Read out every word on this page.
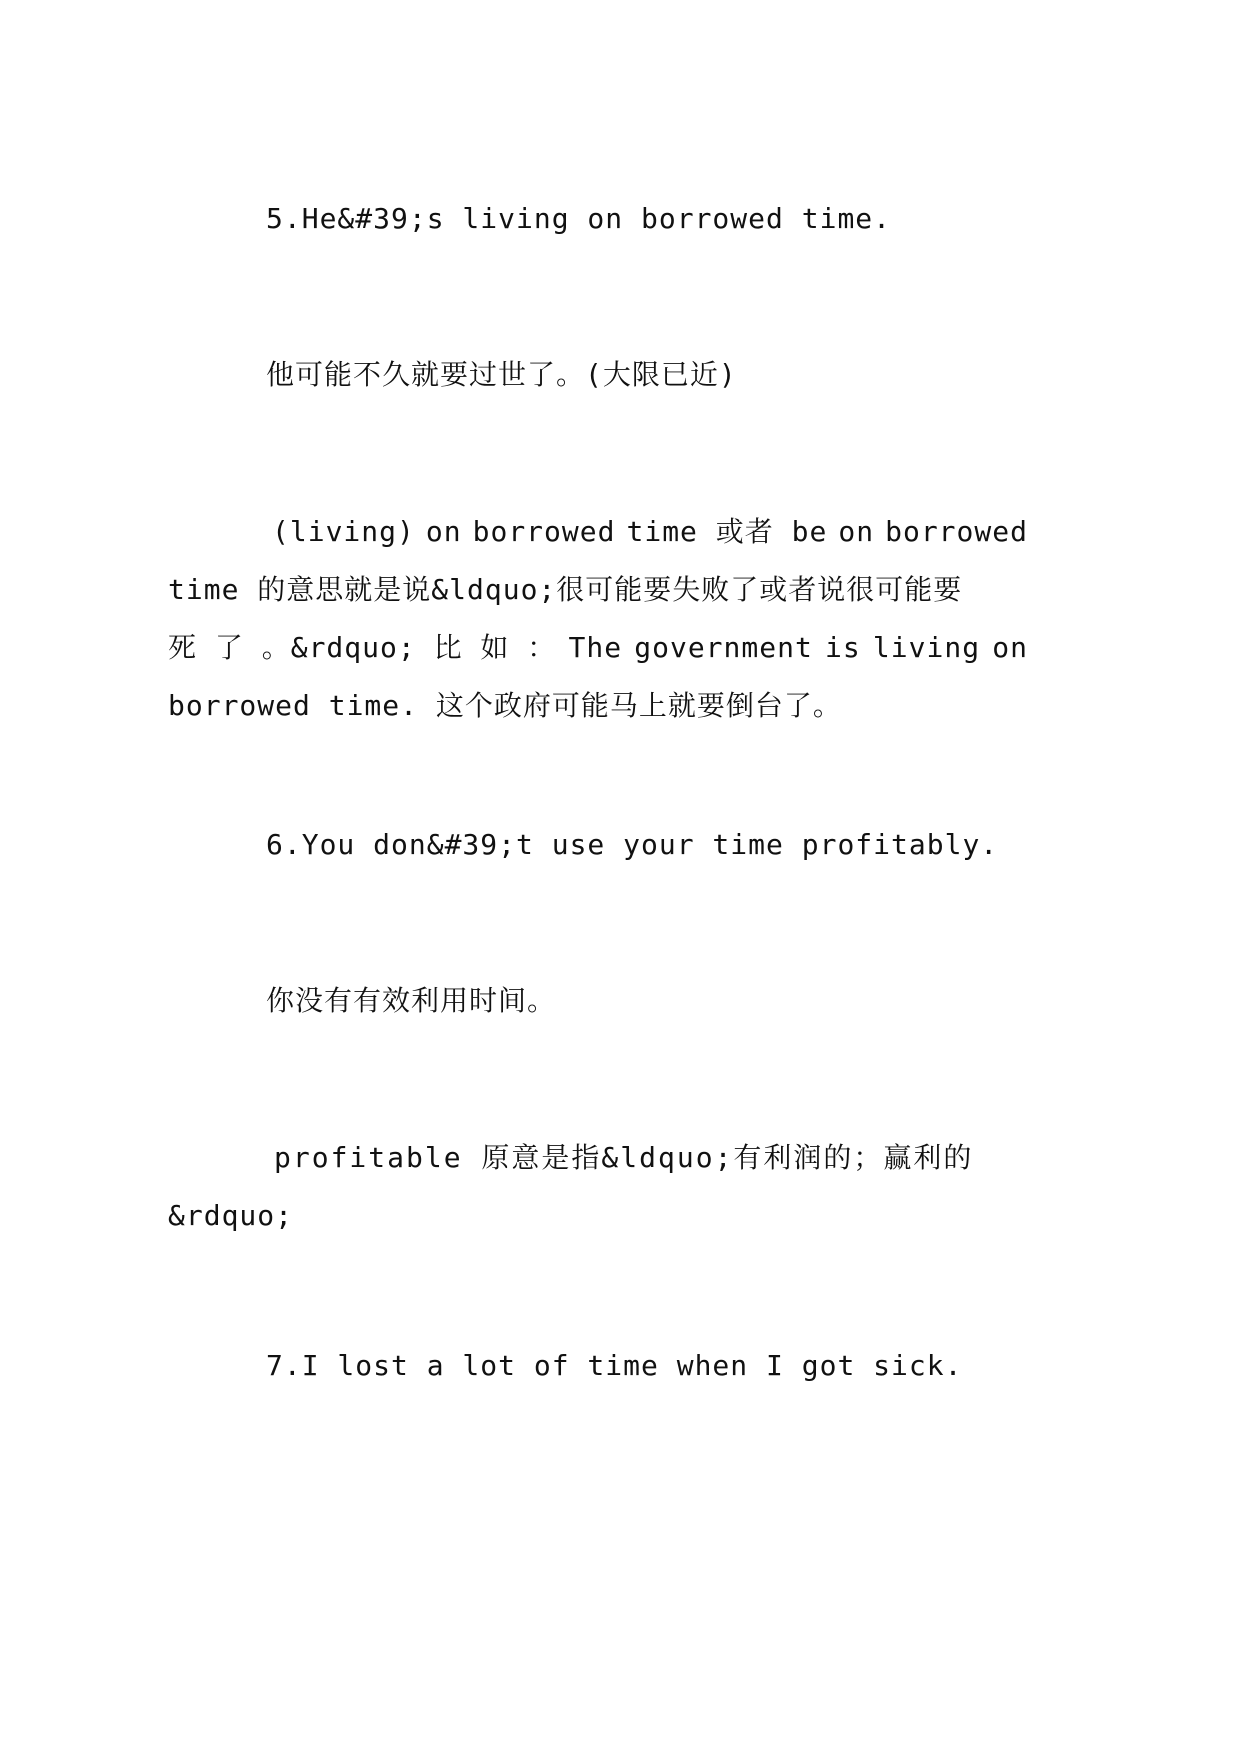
5.He&#39;s living on borrowed time.

他可能不久就要过世了。(大限已近)

(living) on borrowed time 或者 be on borrowed
time 的意思就是说&ldquo;很可能要失败了或者说很可能要
死 了 。&rdquo; 比 如 ： The government is living on
borrowed time. 这个政府可能马上就要倒台了。

6.You don&#39;t use your time profitably.

你没有有效利用时间。

profitable 原意是指&ldquo;有利润的；赢利的
&rdquo;

7.I lost a lot of time when I got sick.
